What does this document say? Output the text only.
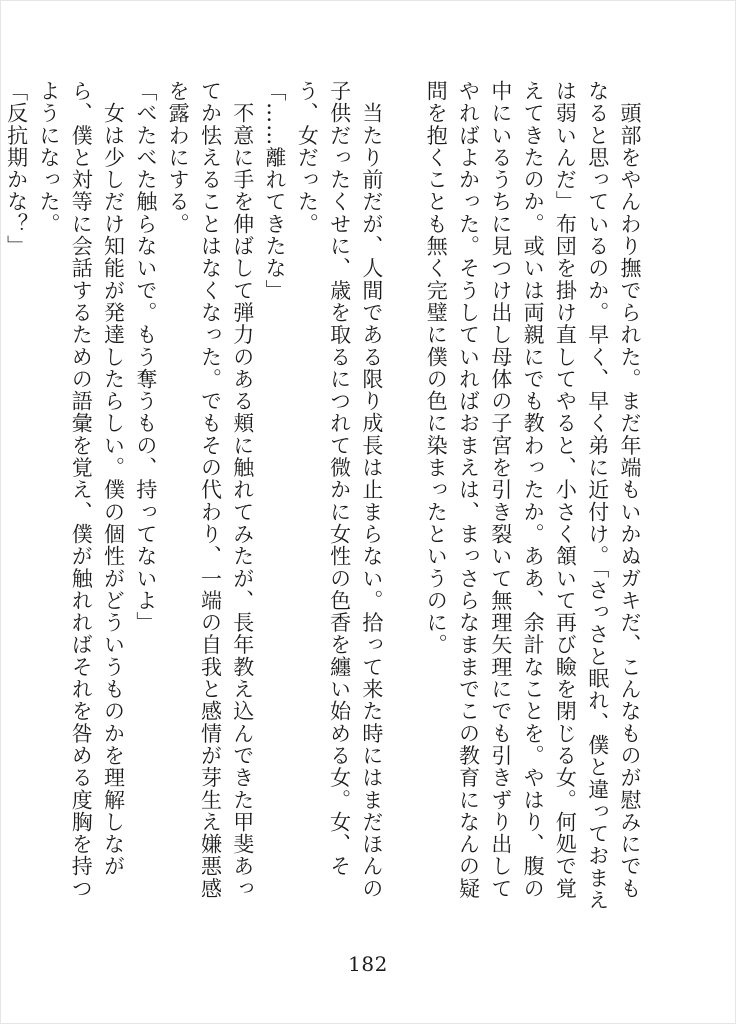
　頭部をやんわり撫でられた。まだ年端もいかぬガキだ、こんなものが慰みにでもなると思っているのか。早く、早く弟に近付け。「さっさと眠れ、僕と違っておまえは弱いんだ」布団を掛け直してやると、小さく頷いて再び瞼を閉じる女。何処で覚えてきたのか。或いは両親にでも教わったか。ああ、余計なことを。やはり、腹の中にいるうちに見つけ出し母体の子宮を引き裂いて無理矢理にでも引きずり出してやればよかった。そうしていればおまえは、まっさらなままでこの教育になんの疑問を抱くことも無く完璧に僕の色に染まったというのに。

　当たり前だが、人間である限り成長は止まらない。拾って来た時にはまだほんの子供だったくせに、歳を取るにつれて微かに女性の色香を纏い始める女。女、そう、女だった。

「……離れてきたな」

　不意に手を伸ばして弾力のある頬に触れてみたが、長年教え込んできた甲斐あってか怯えることはなくなった。でもその代わり、一端の自我と感情が芽生え嫌悪感を露わにする。

「べたべた触らないで。もう奪うもの、持ってないよ」

　女は少しだけ知能が発達したらしい。僕の個性がどういうものかを理解しながら、僕と対等に会話するための語彙を覚え、僕が触れればそれを咎める度胸を持つようになった。

「反抗期かな？」

182
